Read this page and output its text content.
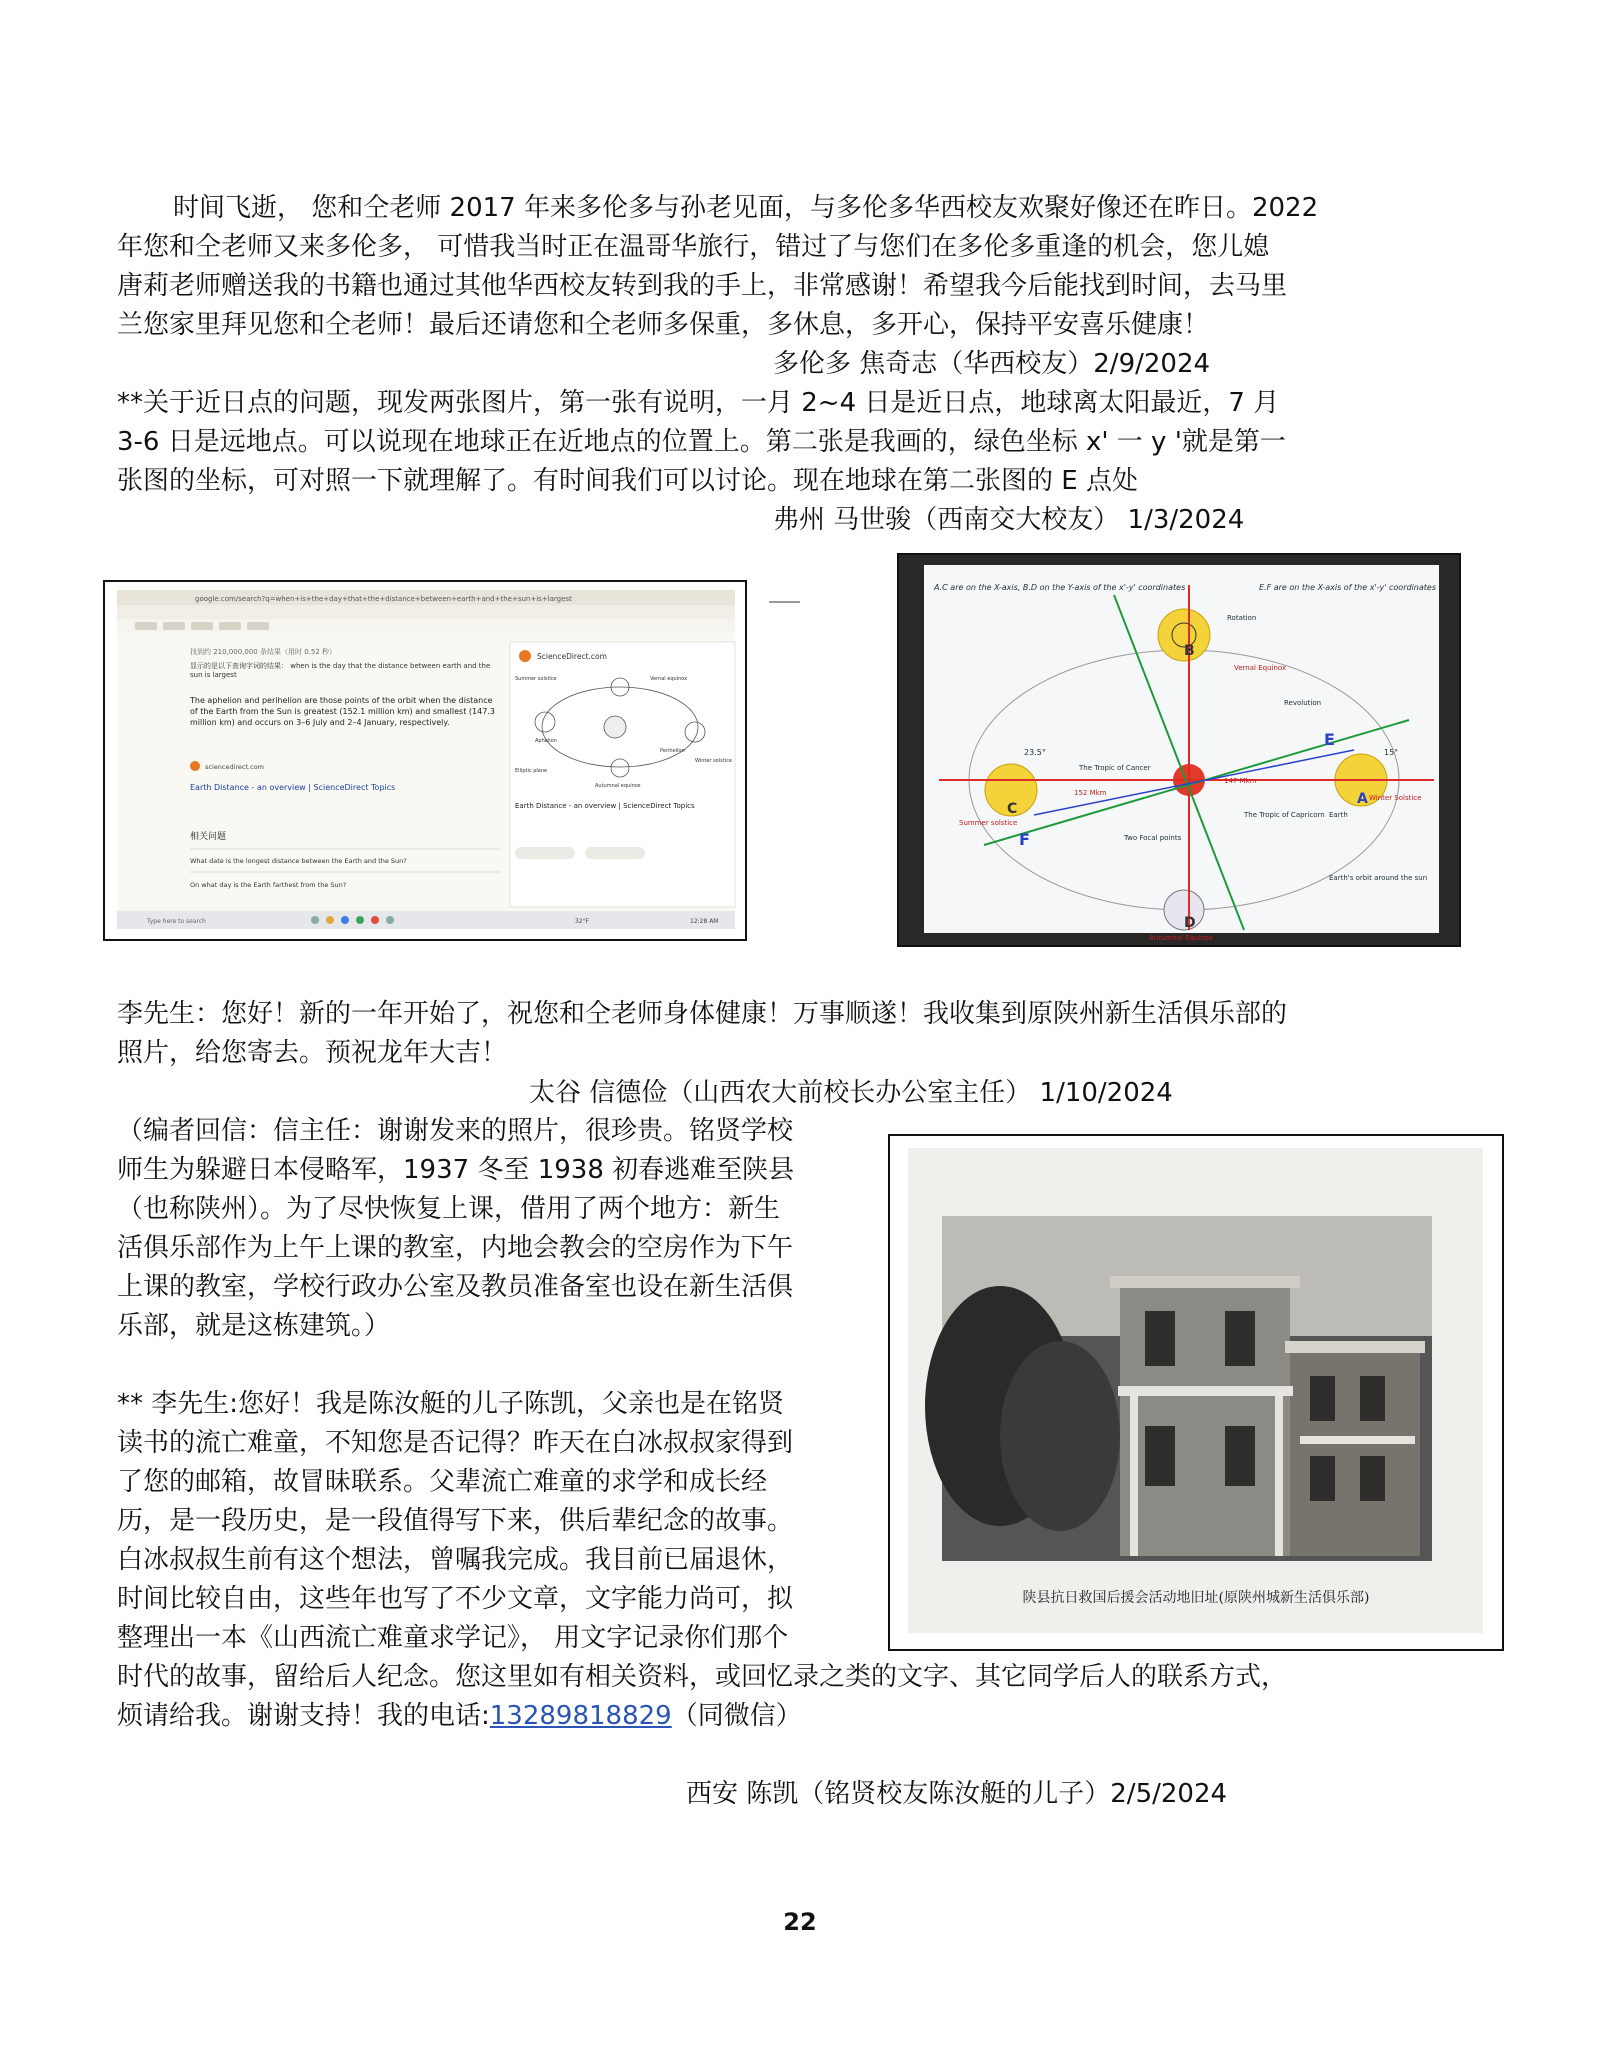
时间飞逝， 您和仝老师 2017 年来多伦多与孙老见面，与多伦多华西校友欢聚好像还在昨日。2022

年您和仝老师又来多伦多， 可惜我当时正在温哥华旅行，错过了与您们在多伦多重逢的机会，您儿媳

唐莉老师赠送我的书籍也通过其他华西校友转到我的手上，非常感谢！希望我今后能找到时间，去马里

兰您家里拜见您和仝老师！最后还请您和仝老师多保重，多休息，多开心，保持平安喜乐健康！

多伦多 焦奇志（华西校友）2/9/2024

**关于近日点的问题，现发两张图片，第一张有说明，一月 2~4 日是近日点，地球离太阳最近，7 月

3-6 日是远地点。可以说现在地球正在近地点的位置上。第二张是我画的，绿色坐标 x' 一 y '就是第一

张图的坐标，可对照一下就理解了。有时间我们可以讨论。现在地球在第二张图的 E 点处

弗州 马世骏（西南交大校友） 1/3/2024
google.com/search?q=when+is+the+day+that+the+distance+between+earth+and+the+sun+is+largest
找到约 210,000,000 条结果（用时 0.52 秒）
显示的是以下查询字词的结果： when is the day that the distance between earth and the sun is largest
The aphelion and perihelion are those points of the orbit when the distance of the Earth from the Sun is greatest (152.1 million km) and smallest (147.3 million km) and occurs on 3–6 July and 2–4 January, respectively.
sciencedirect.com
Earth Distance - an overview | ScienceDirect Topics
相关问题
What date is the longest distance between the Earth and the Sun?
On what day is the Earth farthest from the Sun?
ScienceDirect.com
Summer solstice	Vernal equinox
Aphelion
Perihelion
Autumnal equinox
Winter solstice
Elliptic plane
Earth Distance - an overview | ScienceDirect Topics
Type here to search	32°F	12:28 AM
A.C are on the X-axis, B.D on the Y-axis of the x'-y' coordinates	E.F are on the X-axis of the x'-y' coordinates
B
A
C
D
E
F
Summer solstice
Vernal Equinox
Autumnal Equinox
Winter Solstice
Earth's orbit around the sun
The Tropic of Cancer
The Tropic of Capricorn
Two Focal points
Revolution
Rotation
Earth
152 Mkm
147 Mkm
23.5°	15°

李先生：您好！新的一年开始了，祝您和仝老师身体健康！万事顺遂！我收集到原陕州新生活俱乐部的

照片，给您寄去。预祝龙年大吉！

太谷 信德俭（山西农大前校长办公室主任） 1/10/2024

（编者回信：信主任：谢谢发来的照片，很珍贵。铭贤学校

师生为躲避日本侵略军，1937 冬至 1938 初春逃难至陕县

（也称陕州）。为了尽快恢复上课，借用了两个地方：新生

活俱乐部作为上午上课的教室，内地会教会的空房作为下午

上课的教室，学校行政办公室及教员准备室也设在新生活俱

乐部，就是这栋建筑。）

陕县抗日救国后援会活动地旧址(原陕州城新生活俱乐部)

** 李先生:您好！我是陈汝艇的儿子陈凯，父亲也是在铭贤

读书的流亡难童，不知您是否记得？昨天在白冰叔叔家得到

了您的邮箱，故冒昧联系。父辈流亡难童的求学和成长经

历，是一段历史，是一段值得写下来，供后辈纪念的故事。

白冰叔叔生前有这个想法，曾嘱我完成。我目前已届退休，

时间比较自由，这些年也写了不少文章，文字能力尚可，拟

整理出一本《山西流亡难童求学记》， 用文字记录你们那个

时代的故事，留给后人纪念。您这里如有相关资料，或回忆录之类的文字、其它同学后人的联系方式，

烦请给我。谢谢支持！我的电话:13289818829（同微信）

西安 陈凯（铭贤校友陈汝艇的儿子）2/5/2024
22
